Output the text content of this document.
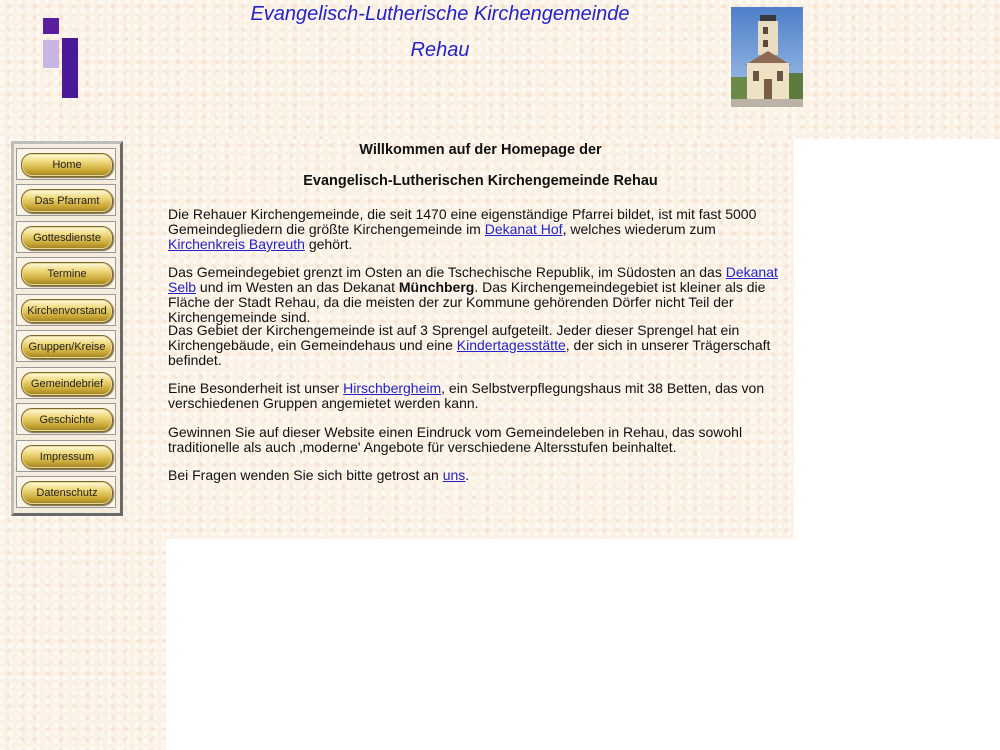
Evangelisch-Lutherische Kirchengemeinde

Rehau

Home
Das Pfarramt
Gottesdienste
Termine
Kirchenvorstand
Gruppen/Kreise
Gemeindebrief
Geschichte
Impressum
Datenschutz
Willkommen auf der Homepage der
Evangelisch-Lutherischen Kirchengemeinde Rehau

Die Rehauer Kirchengemeinde, die seit 1470 eine eigenständige Pfarrei bildet, ist mit fast 5000 Gemeindegliedern die größte Kirchengemeinde im Dekanat Hof, welches wiederum zum Kirchenkreis Bayreuth gehört.

Das Gemeindegebiet grenzt im Osten an die Tschechische Republik, im Südosten an das Dekanat Selb und im Westen an das Dekanat Münchberg. Das Kirchengemeindegebiet ist kleiner als die Fläche der Stadt Rehau, da die meisten der zur Kommune gehörenden Dörfer nicht Teil der Kirchengemeinde sind.

Das Gebiet der Kirchengemeinde ist auf 3 Sprengel aufgeteilt. Jeder dieser Sprengel hat ein Kirchengebäude, ein Gemeindehaus und eine Kindertagesstätte, der sich in unserer Trägerschaft befindet.

Eine Besonderheit ist unser Hirschbergheim, ein Selbstverpflegungshaus mit 38 Betten, das von verschiedenen Gruppen angemietet werden kann.

Gewinnen Sie auf dieser Website einen Eindruck vom Gemeindeleben in Rehau, das sowohl traditionelle als auch ‚moderne' Angebote für verschiedene Altersstufen beinhaltet.

Bei Fragen wenden Sie sich bitte getrost an uns.
